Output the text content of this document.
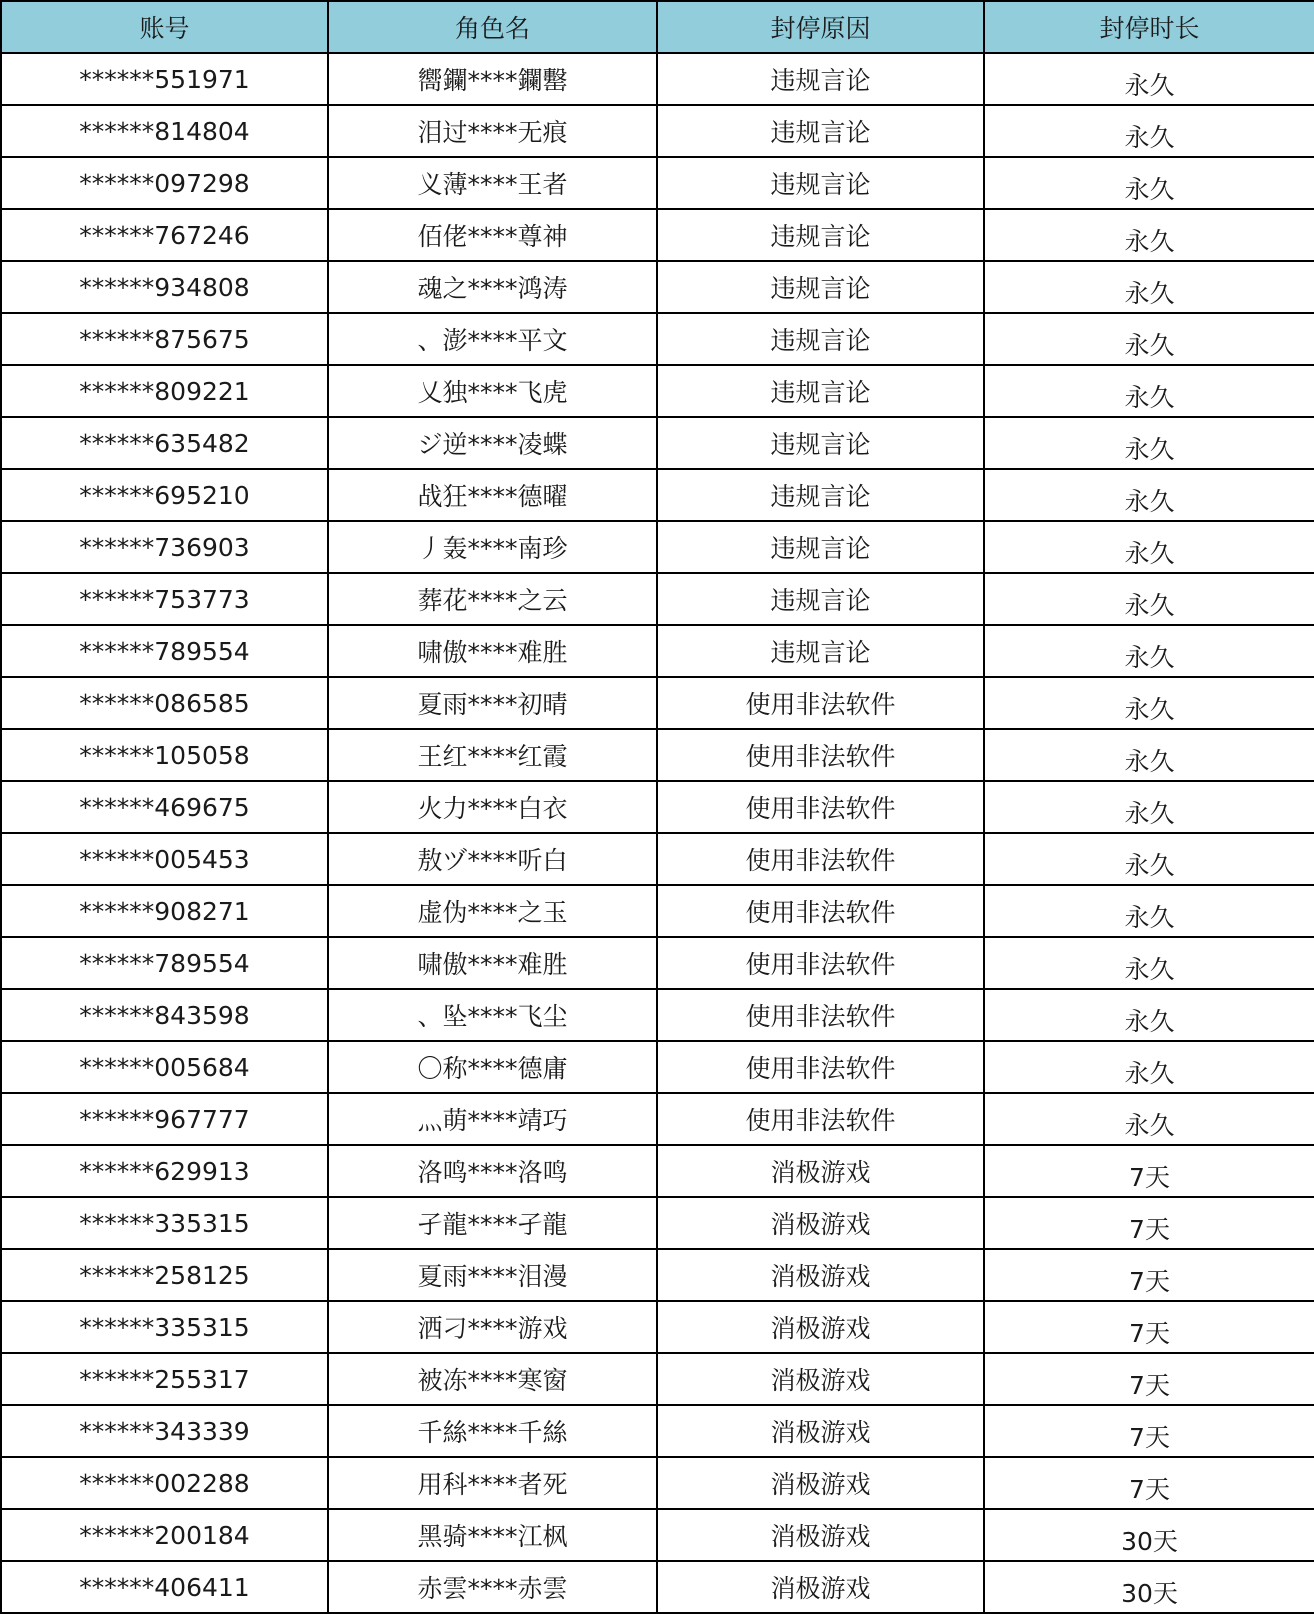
账号	角色名	封停原因	封停时长
******551971	嚮鑭****鑭罊	违规言论	永久
******814804	泪过****无痕	违规言论	永久
******097298	义薄****王者	违规言论	永久
******767246	佰佬****尊神	违规言论	永久
******934808	魂之****鸿涛	违规言论	永久
******875675	、澎****平文	违规言论	永久
******809221	乂独****飞虎	违规言论	永久
******635482	ジ逆****凌蝶	违规言论	永久
******695210	战狂****德曜	违规言论	永久
******736903	丿轰****南珍	违规言论	永久
******753773	葬花****之云	违规言论	永久
******789554	啸傲****难胜	违规言论	永久
******086585	夏雨****初晴	使用非法软件	永久
******105058	王红****红霞	使用非法软件	永久
******469675	火力****白衣	使用非法软件	永久
******005453	敖ヅ****听白	使用非法软件	永久
******908271	虚伪****之玉	使用非法软件	永久
******789554	啸傲****难胜	使用非法软件	永久
******843598	、坠****飞尘	使用非法软件	永久
******005684	〇称****德庸	使用非法软件	永久
******967777	灬萌****靖巧	使用非法软件	永久
******629913	洛鸣****洛鸣	消极游戏	7天
******335315	孑龍****孑龍	消极游戏	7天
******258125	夏雨****泪漫	消极游戏	7天
******335315	洒刁****游戏	消极游戏	7天
******255317	被冻****寒窗	消极游戏	7天
******343339	千絲****千絲	消极游戏	7天
******002288	用科****者死	消极游戏	7天
******200184	黑骑****江枫	消极游戏	30天
******406411	赤雲****赤雲	消极游戏	30天
